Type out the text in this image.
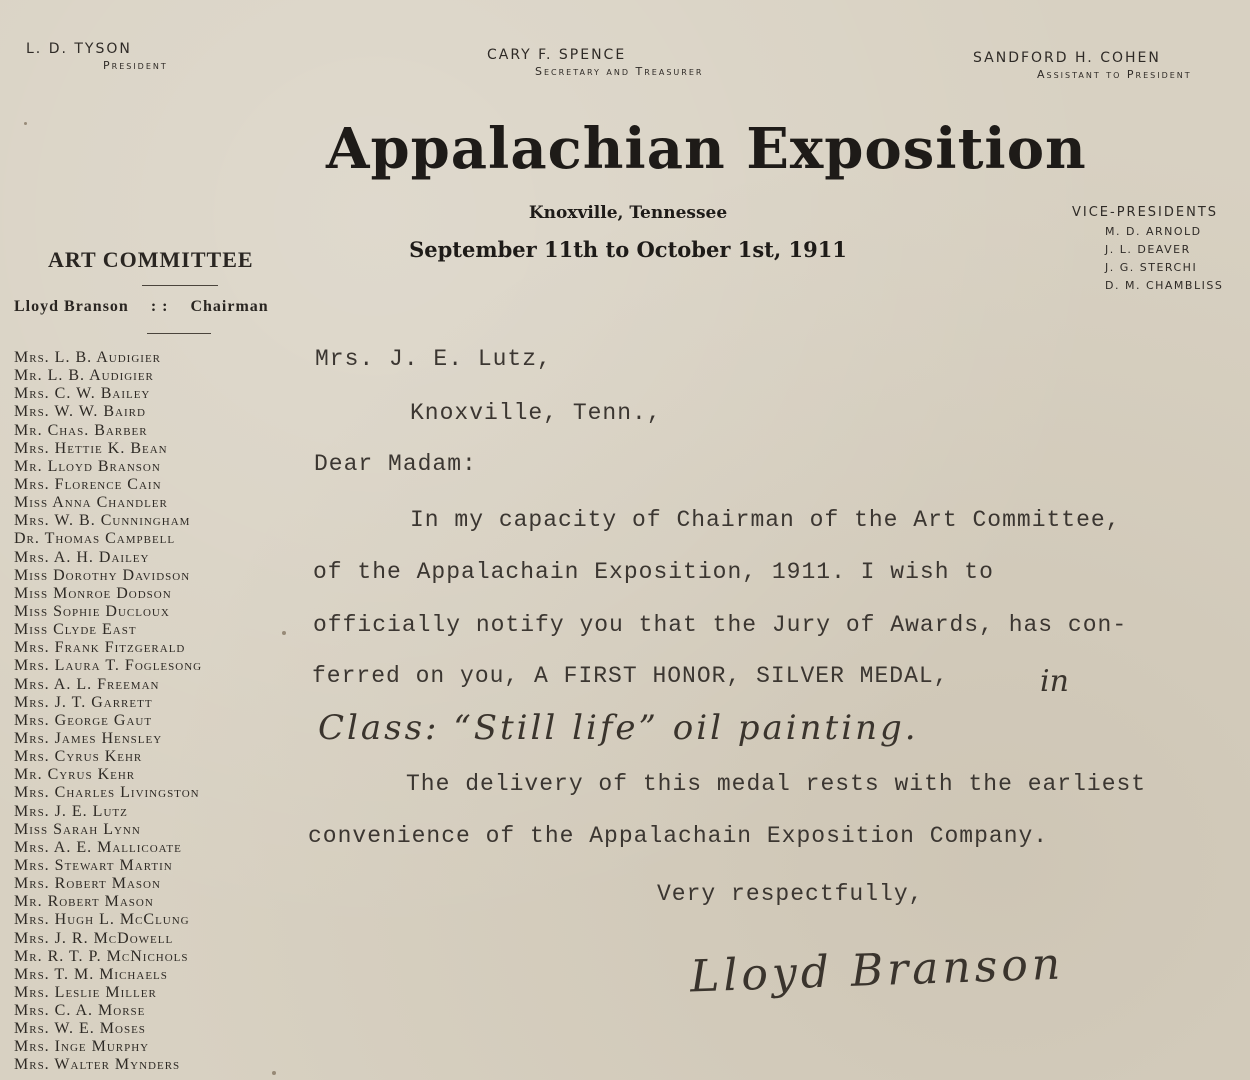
L. D. TYSON
President
CARY F. SPENCE
Secretary and Treasurer
SANDFORD H. COHEN
Assistant to President
Appalachian Exposition
Knoxville, Tennessee
September 11th to October 1st, 1911
VICE-PRESIDENTS
M. D. ARNOLD
J. L. DEAVER
J. G. STERCHI
D. M. CHAMBLISS
ART COMMITTEE
Lloyd Branson : : Chairman
Mrs. L. B. Audigier
Mr. L. B. Audigier
Mrs. C. W. Bailey
Mrs. W. W. Baird
Mr. Chas. Barber
Mrs. Hettie K. Bean
Mr. Lloyd Branson
Mrs. Florence Cain
Miss Anna Chandler
Mrs. W. B. Cunningham
Dr. Thomas Campbell
Mrs. A. H. Dailey
Miss Dorothy Davidson
Miss Monroe Dodson
Miss Sophie Ducloux
Miss Clyde East
Mrs. Frank Fitzgerald
Mrs. Laura T. Foglesong
Mrs. A. L. Freeman
Mrs. J. T. Garrett
Mrs. George Gaut
Mrs. James Hensley
Mrs. Cyrus Kehr
Mr. Cyrus Kehr
Mrs. Charles Livingston
Mrs. J. E. Lutz
Miss Sarah Lynn
Mrs. A. E. Mallicoate
Mrs. Stewart Martin
Mrs. Robert Mason
Mr. Robert Mason
Mrs. Hugh L. McClung
Mrs. J. R. McDowell
Mr. R. T. P. McNichols
Mrs. T. M. Michaels
Mrs. Leslie Miller
Mrs. C. A. Morse
Mrs. W. E. Moses
Mrs. Inge Murphy
Mrs. Walter Mynders
Mrs. J. E. Lutz,
Knoxville, Tenn.,
Dear Madam:
In my capacity of Chairman of the Art Committee,
of the Appalachain Exposition, 1911. I wish to
officially notify you that the Jury of Awards, has con-
ferred on you, A FIRST HONOR, SILVER MEDAL,	in
Class: “Still life” oil painting.
The delivery of this medal rests with the earliest
convenience of the Appalachain Exposition Company.
Very respectfully,
Lloyd Branson
